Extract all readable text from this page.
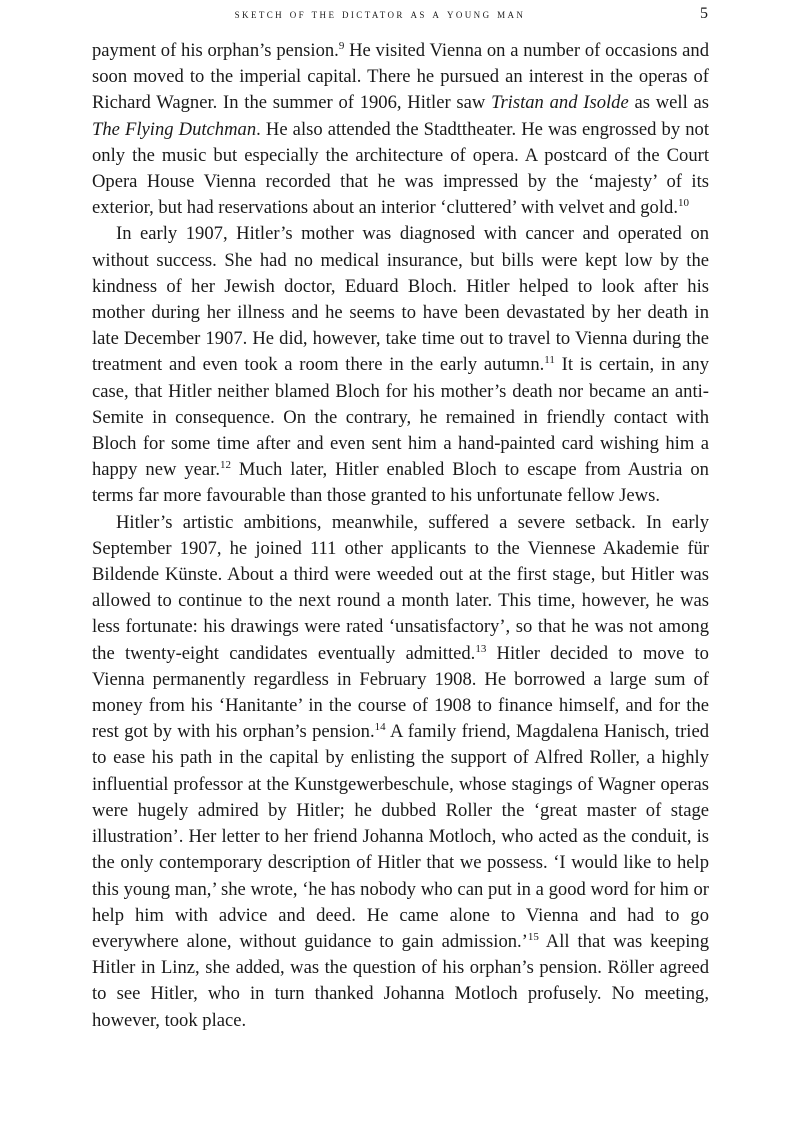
sketch of the dictator as a young man	5

payment of his orphan’s pension.$^9$ He visited Vienna on a number of occasions and soon moved to the imperial capital. There he pursued an interest in the operas of Richard Wagner. In the summer of 1906, Hitler saw Tristan and Isolde as well as The Flying Dutchman. He also attended the Stadttheater. He was engrossed by not only the music but especially the architecture of opera. A postcard of the Court Opera House Vienna recorded that he was impressed by the ‘majesty’ of its exterior, but had reservations about an interior ‘cluttered’ with velvet and gold.$^{10}$

In early 1907, Hitler’s mother was diagnosed with cancer and operated on without success. She had no medical insurance, but bills were kept low by the kindness of her Jewish doctor, Eduard Bloch. Hitler helped to look after his mother during her illness and he seems to have been devastated by her death in late December 1907. He did, however, take time out to travel to Vienna during the treatment and even took a room there in the early autumn.$^{11}$ It is certain, in any case, that Hitler neither blamed Bloch for his mother’s death nor became an anti-Semite in consequence. On the contrary, he remained in friendly contact with Bloch for some time after and even sent him a hand-painted card wishing him a happy new year.$^{12}$ Much later, Hitler enabled Bloch to escape from Austria on terms far more favourable than those granted to his unfortunate fellow Jews.

Hitler’s artistic ambitions, meanwhile, suffered a severe setback. In early September 1907, he joined 111 other applicants to the Viennese Akademie für Bildende Künste. About a third were weeded out at the first stage, but Hitler was allowed to continue to the next round a month later. This time, however, he was less fortunate: his drawings were rated ‘unsatisfactory’, so that he was not among the twenty-eight candidates eventually admitted.$^{13}$ Hitler decided to move to Vienna permanently regardless in February 1908. He borrowed a large sum of money from his ‘Hanitante’ in the course of 1908 to finance himself, and for the rest got by with his orphan’s pension.$^{14}$ A family friend, Magdalena Hanisch, tried to ease his path in the capital by enlisting the support of Alfred Roller, a highly influential professor at the Kunstgewerbeschule, whose stagings of Wagner operas were hugely admired by Hitler; he dubbed Roller the ‘great master of stage illustration’. Her letter to her friend Johanna Motloch, who acted as the conduit, is the only contemporary description of Hitler that we possess. ‘I would like to help this young man,’ she wrote, ‘he has nobody who can put in a good word for him or help him with advice and deed. He came alone to Vienna and had to go everywhere alone, without guidance to gain admission.’$^{15}$ All that was keeping Hitler in Linz, she added, was the question of his orphan’s pension. Röller agreed to see Hitler, who in turn thanked Johanna Motloch profusely. No meeting, however, took place.
